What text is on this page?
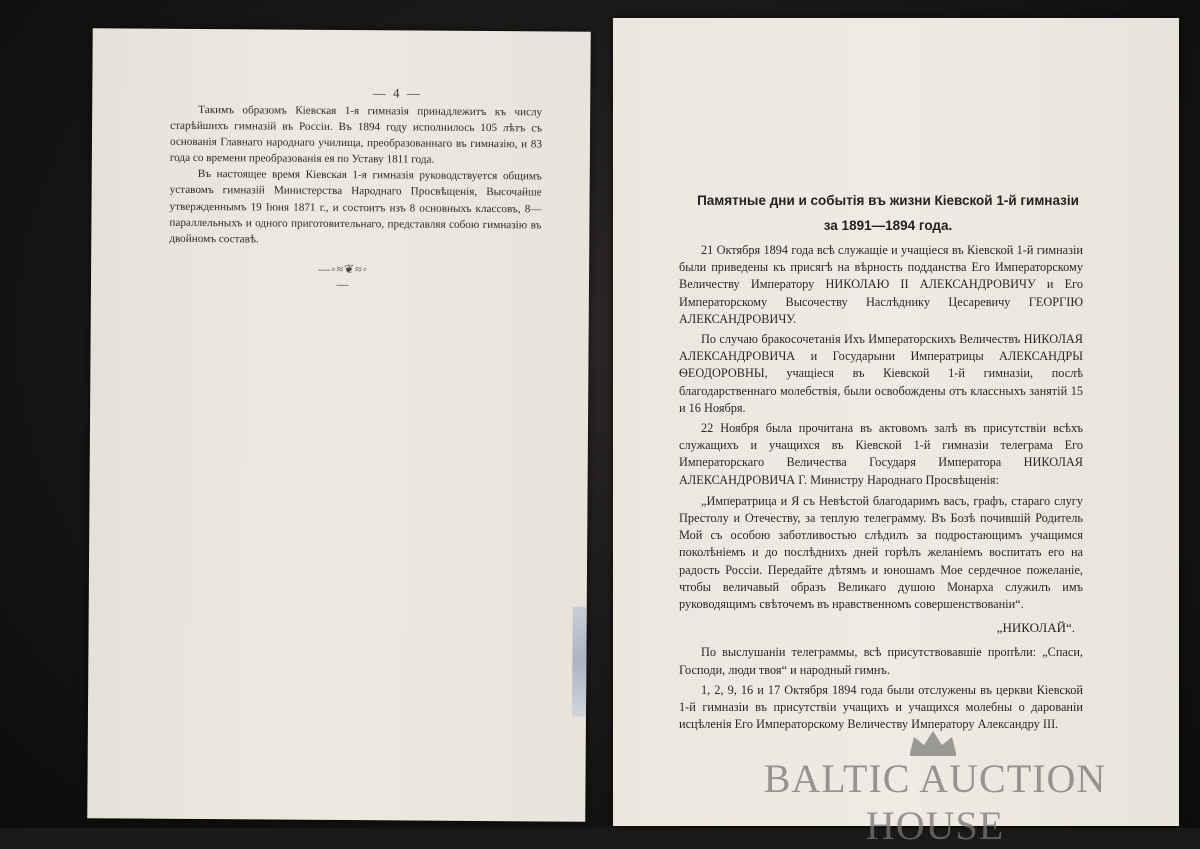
— 4 —

Такимъ образомъ Кіевская 1-я гимназія принадлежитъ къ числу старѣйшихъ гимназій въ Россіи. Въ 1894 году исполнилось 105 лѣтъ съ основанія Главнаго народнаго училища, преобразованнаго въ гимназію, и 83 года со времени преобразованія ея по Уставу 1811 года.

Въ настоящее время Кіевская 1-я гимназія руководствуется общимъ уставомъ гимназій Министерства Народнаго Просвѣщенія, Высочайше утвержденнымъ 19 Іюня 1871 г., и состоитъ изъ 8 основныхъ классовъ, 8—параллельныхъ и одного приготовительнаго, представляя собою гимназію въ двойномъ составѣ.

—◦≈❦≈◦—
Памятные дни и событія въ жизни Кіевской 1-й гимназіи
за 1891—1894 года.

21 Октября 1894 года всѣ служащіе и учащіеся въ Кіевской 1-й гимназіи были приведены къ присягѣ на вѣрность подданства Его Императорскому Величеству Императору НИКОЛАЮ II АЛЕКСАНДРОВИЧУ и Его Императорскому Высочеству Наслѣднику Цесаревичу ГЕОРГІЮ АЛЕКСАНДРОВИЧУ.

По случаю бракосочетанія Ихъ Императорскихъ Величествъ НИКОЛАЯ АЛЕКСАНДРОВИЧА и Государыни Императрицы АЛЕКСАНДРЫ ѲЕОДОРОВНЫ, учащіеся въ Кіевской 1-й гимназіи, послѣ благодарственнаго молебствія, были освобождены отъ классныхъ занятій 15 и 16 Ноября.

22 Ноября была прочитана въ актовомъ залѣ въ присутствіи всѣхъ служащихъ и учащихся въ Кіевской 1-й гимназіи телеграма Его Императорскаго Величества Государя Императора НИКОЛАЯ АЛЕКСАНДРОВИЧА Г. Министру Народнаго Просвѣщенія:

„Императрица и Я съ Невѣстой благодаримъ васъ, графъ, стараго слугу Престолу и Отечеству, за теплую телеграмму. Въ Бозѣ почившій Родитель Мой съ особою заботливостью слѣдилъ за подростающимъ учащимся поколѣніемъ и до послѣднихъ дней горѣлъ желаніемъ воспитать его на радость Россіи. Передайте дѣтямъ и юношамъ Мое сердечное пожеланіе, чтобы величавый образъ Великаго душою Монарха служилъ имъ руководящимъ свѣточемъ въ нравственномъ совершенствованіи“.

„НИКОЛАЙ“.

По выслушаніи телеграммы, всѣ присутствовавшіе пропѣли: „Спаси, Господи, люди твоя“ и народный гимнъ.

1, 2, 9, 16 и 17 Октября 1894 года были отслужены въ церкви Кіевской 1-й гимназіи въ присутствіи учащихъ и учащихся молебны о дарованіи исцѣленія Его Императорскому Величеству Императору Александру III.

BALTIC AUCTION HOUSE
